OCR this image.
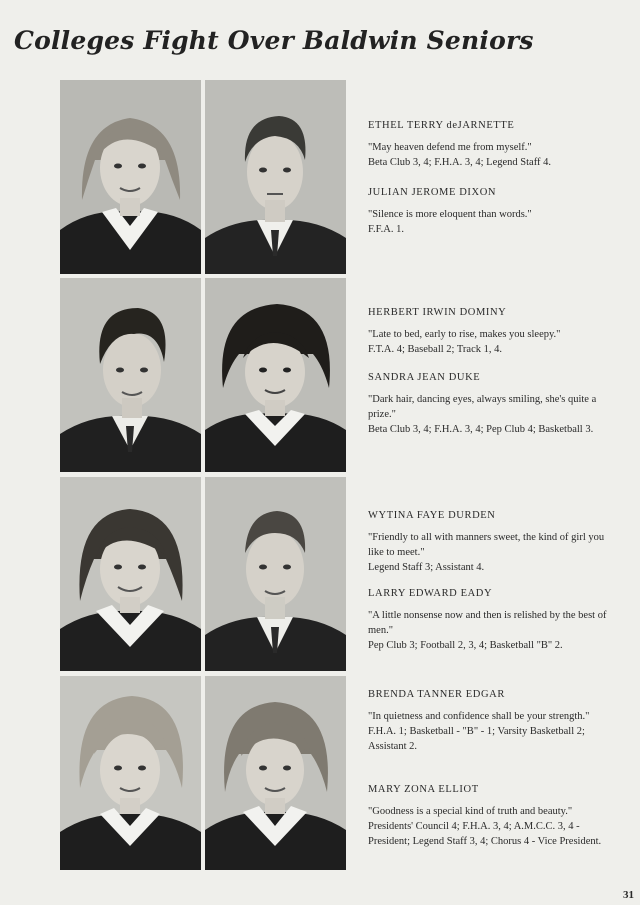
Colleges Fight Over Baldwin Seniors

ETHEL TERRY deJARNETTE

"May heaven defend me from myself."

Beta Club 3, 4; F.H.A. 3, 4; Legend Staff 4.

JULIAN JEROME DIXON

"Silence is more eloquent than words."

F.F.A. 1.

HERBERT IRWIN DOMINY

"Late to bed, early to rise, makes you sleepy."

F.T.A. 4; Baseball 2; Track 1, 4.

SANDRA JEAN DUKE

"Dark hair, dancing eyes, always smiling, she's quite a prize."

Beta Club 3, 4; F.H.A. 3, 4; Pep Club 4; Basketball 3.

WYTINA FAYE DURDEN

"Friendly to all with manners sweet, the kind of girl you like to meet."

Legend Staff 3; Assistant 4.

LARRY EDWARD EADY

"A little nonsense now and then is relished by the best of men."

Pep Club 3; Football 2, 3, 4; Basketball "B" 2.

BRENDA TANNER EDGAR

"In quietness and confidence shall be your strength."

F.H.A. 1; Basketball - "B" - 1; Varsity Basketball 2; Assistant 2.

MARY ZONA ELLIOT

"Goodness is a special kind of truth and beauty."

Presidents' Council 4; F.H.A. 3, 4; A.M.C.C. 3, 4 - President; Legend Staff 3, 4; Chorus 4 - Vice President.

31
